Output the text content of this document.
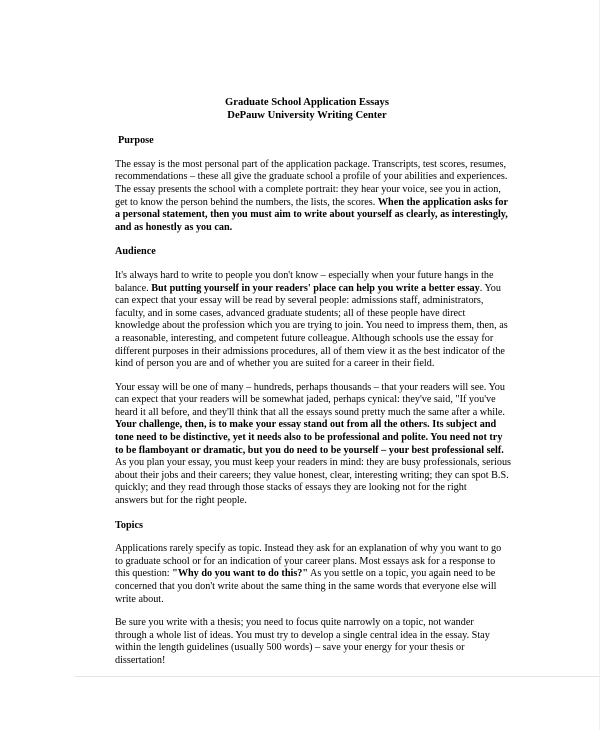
Graduate School Application Essays
DePauw University Writing Center

Purpose

The essay is the most personal part of the application package. Transcripts, test scores, resumes,
recommendations – these all give the graduate school a profile of your abilities and experiences.
The essay presents the school with a complete portrait: they hear your voice, see you in action,
get to know the person behind the numbers, the lists, the scores. When the application asks for
a personal statement, then you must aim to write about yourself as clearly, as interestingly,
and as honestly as you can.

Audience

It's always hard to write to people you don't know – especially when your future hangs in the
balance. But putting yourself in your readers' place can help you write a better essay. You
can expect that your essay will be read by several people: admissions staff, administrators,
faculty, and in some cases, advanced graduate students; all of these people have direct
knowledge about the profession which you are trying to join. You need to impress them, then, as
a reasonable, interesting, and competent future colleague. Although schools use the essay for
different purposes in their admissions procedures, all of them view it as the best indicator of the
kind of person you are and of whether you are suited for a career in their field.

Your essay will be one of many – hundreds, perhaps thousands – that your readers will see. You
can expect that your readers will be somewhat jaded, perhaps cynical: they've said, "If you've
heard it all before, and they'll think that all the essays sound pretty much the same after a while.
Your challenge, then, is to make your essay stand out from all the others. Its subject and
tone need to be distinctive, yet it needs also to be professional and polite. You need not try
to be flamboyant or dramatic, but you do need to be yourself – your best professional self.
As you plan your essay, you must keep your readers in mind: they are busy professionals, serious
about their jobs and their careers; they value honest, clear, interesting writing; they can spot B.S.
quickly; and they read through those stacks of essays they are looking not for the right
answers but for the right people.

Topics

Applications rarely specify as topic. Instead they ask for an explanation of why you want to go
to graduate school or for an indication of your career plans. Most essays ask for a response to
this question: "Why do you want to do this?" As you settle on a topic, you again need to be
concerned that you don't write about the same thing in the same words that everyone else will
write about.

Be sure you write with a thesis; you need to focus quite narrowly on a topic, not wander
through a whole list of ideas. You must try to develop a single central idea in the essay. Stay
within the length guidelines (usually 500 words) – save your energy for your thesis or
dissertation!
